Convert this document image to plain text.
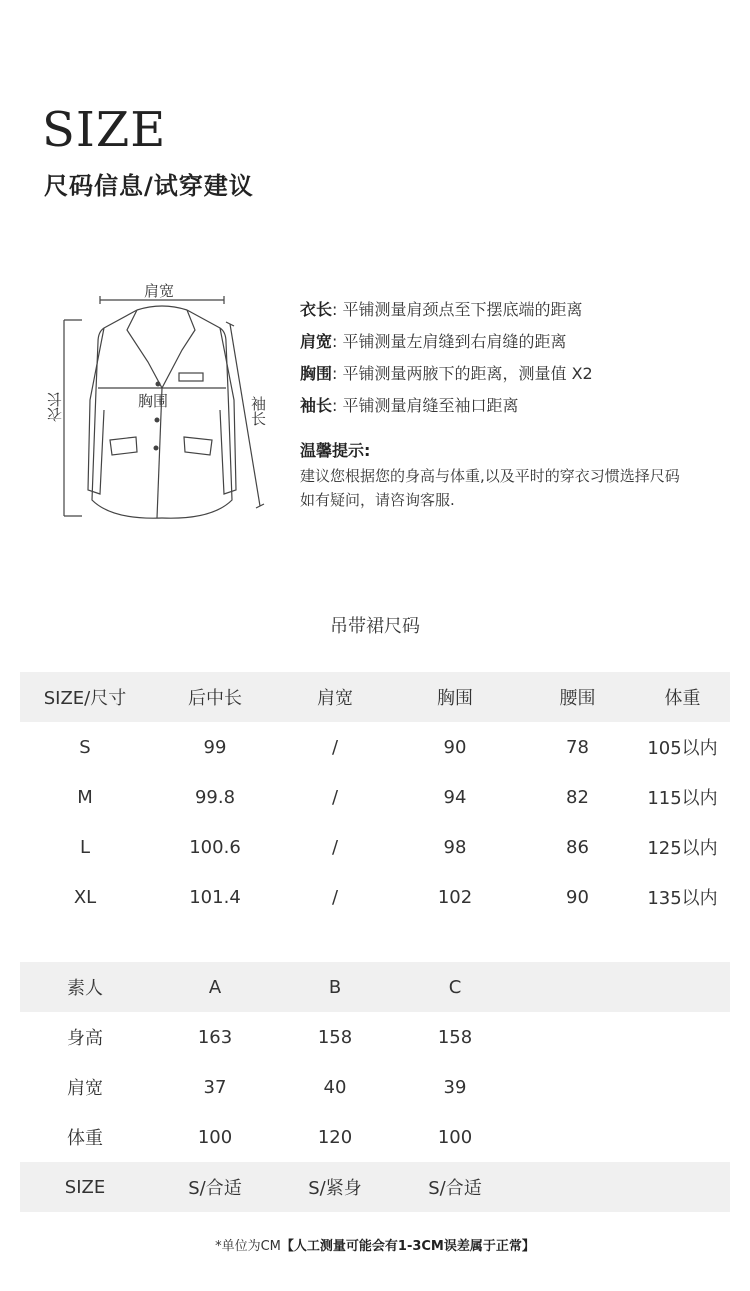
SIZE
尺码信息/试穿建议
肩宽
衣长	胸围	袖长
衣长: 平铺测量肩颈点至下摆底端的距离
肩宽: 平铺测量左肩缝到右肩缝的距离
胸围: 平铺测量两腋下的距离，测量值 X2
袖长: 平铺测量肩缝至袖口距离
温馨提示:
建议您根据您的身高与体重,以及平时的穿衣习惯选择尺码
如有疑问，请咨询客服.
吊带裙尺码
SIZE/尺寸	后中长	肩宽	胸围	腰围	体重
S	99	/	90	78	105以内
M	99.8	/	94	82	115以内
L	100.6	/	98	86	125以内
XL	101.4	/	102	90	135以内
素人	A	B	C		
身高	163	158	158		
肩宽	37	40	39		
体重	100	120	100		
SIZE	S/合适	S/紧身	S/合适		
*单位为CM【人工测量可能会有1-3CM误差属于正常】
